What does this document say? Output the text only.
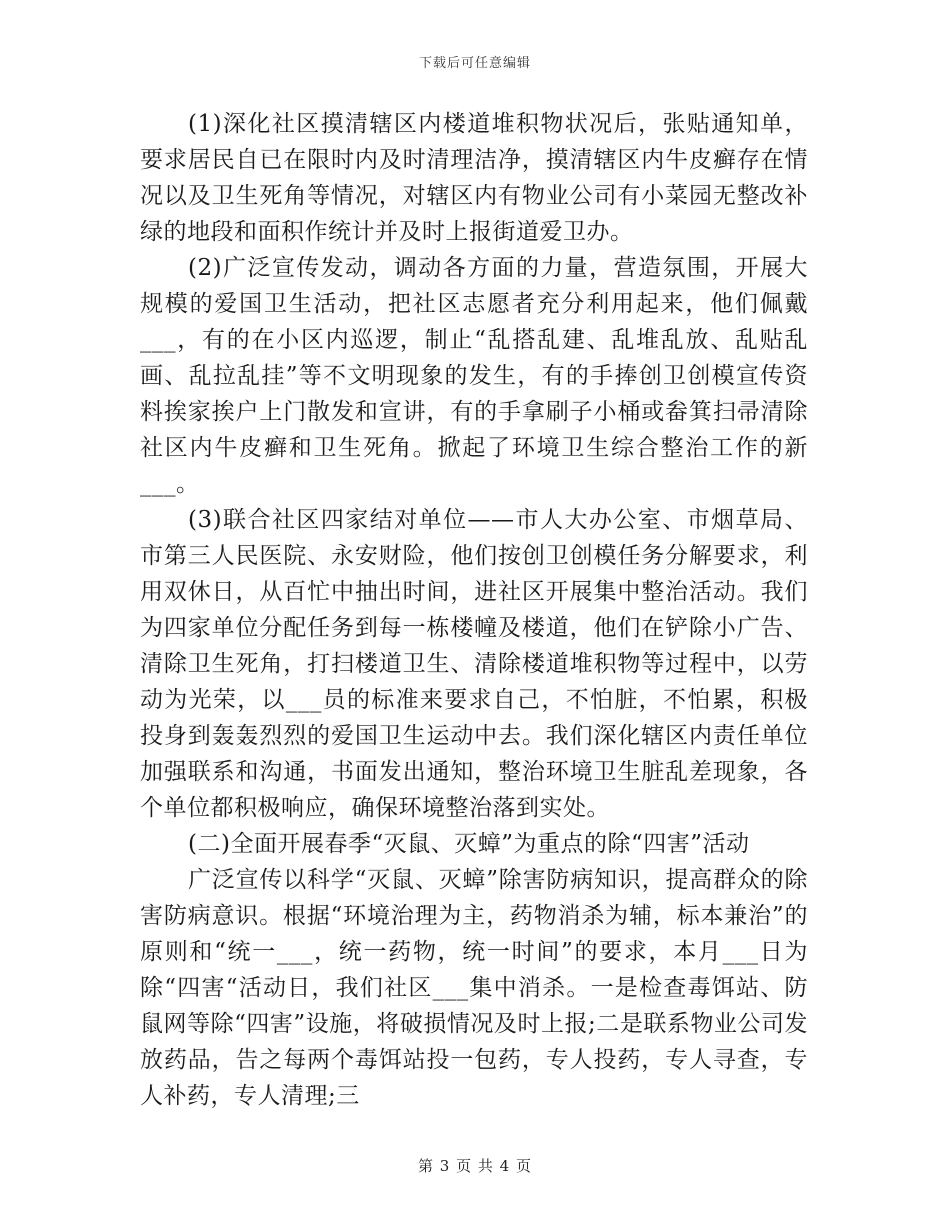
下载后可任意编辑

(1)深化社区摸清辖区内楼道堆积物状况后，张贴通知单，要求居民自已在限时内及时清理洁净，摸清辖区内牛皮癣存在情况以及卫生死角等情况，对辖区内有物业公司有小菜园无整改补绿的地段和面积作统计并及时上报街道爱卫办。

(2)广泛宣传发动，调动各方面的力量，营造氛围，开展大规模的爱国卫生活动，把社区志愿者充分利用起来，他们佩戴___，有的在小区内巡逻，制止“乱搭乱建、乱堆乱放、乱贴乱画、乱拉乱挂”等不文明现象的发生，有的手捧创卫创模宣传资料挨家挨户上门散发和宣讲，有的手拿刷子小桶或畚箕扫帚清除社区内牛皮癣和卫生死角。掀起了环境卫生综合整治工作的新___。

(3)联合社区四家结对单位——市人大办公室、市烟草局、市第三人民医院、永安财险，他们按创卫创模任务分解要求，利用双休日，从百忙中抽出时间，进社区开展集中整治活动。我们为四家单位分配任务到每一栋楼幢及楼道，他们在铲除小广告、清除卫生死角，打扫楼道卫生、清除楼道堆积物等过程中，以劳动为光荣，以___员的标准来要求自己，不怕脏，不怕累，积极投身到轰轰烈烈的爱国卫生运动中去。我们深化辖区内责任单位加强联系和沟通，书面发出通知，整治环境卫生脏乱差现象，各个单位都积极响应，确保环境整治落到实处。

(二)全面开展春季“灭鼠、灭蟑”为重点的除“四害”活动

广泛宣传以科学“灭鼠、灭蟑”除害防病知识，提高群众的除害防病意识。根据“环境治理为主，药物消杀为辅，标本兼治”的原则和“统一___，统一药物，统一时间”的要求，本月___日为除“四害“活动日，我们社区___集中消杀。一是检查毒饵站、防鼠网等除“四害”设施，将破损情况及时上报;二是联系物业公司发放药品，告之每两个毒饵站投一包药，专人投药，专人寻查，专人补药，专人清理;三

第 3 页 共 4 页
